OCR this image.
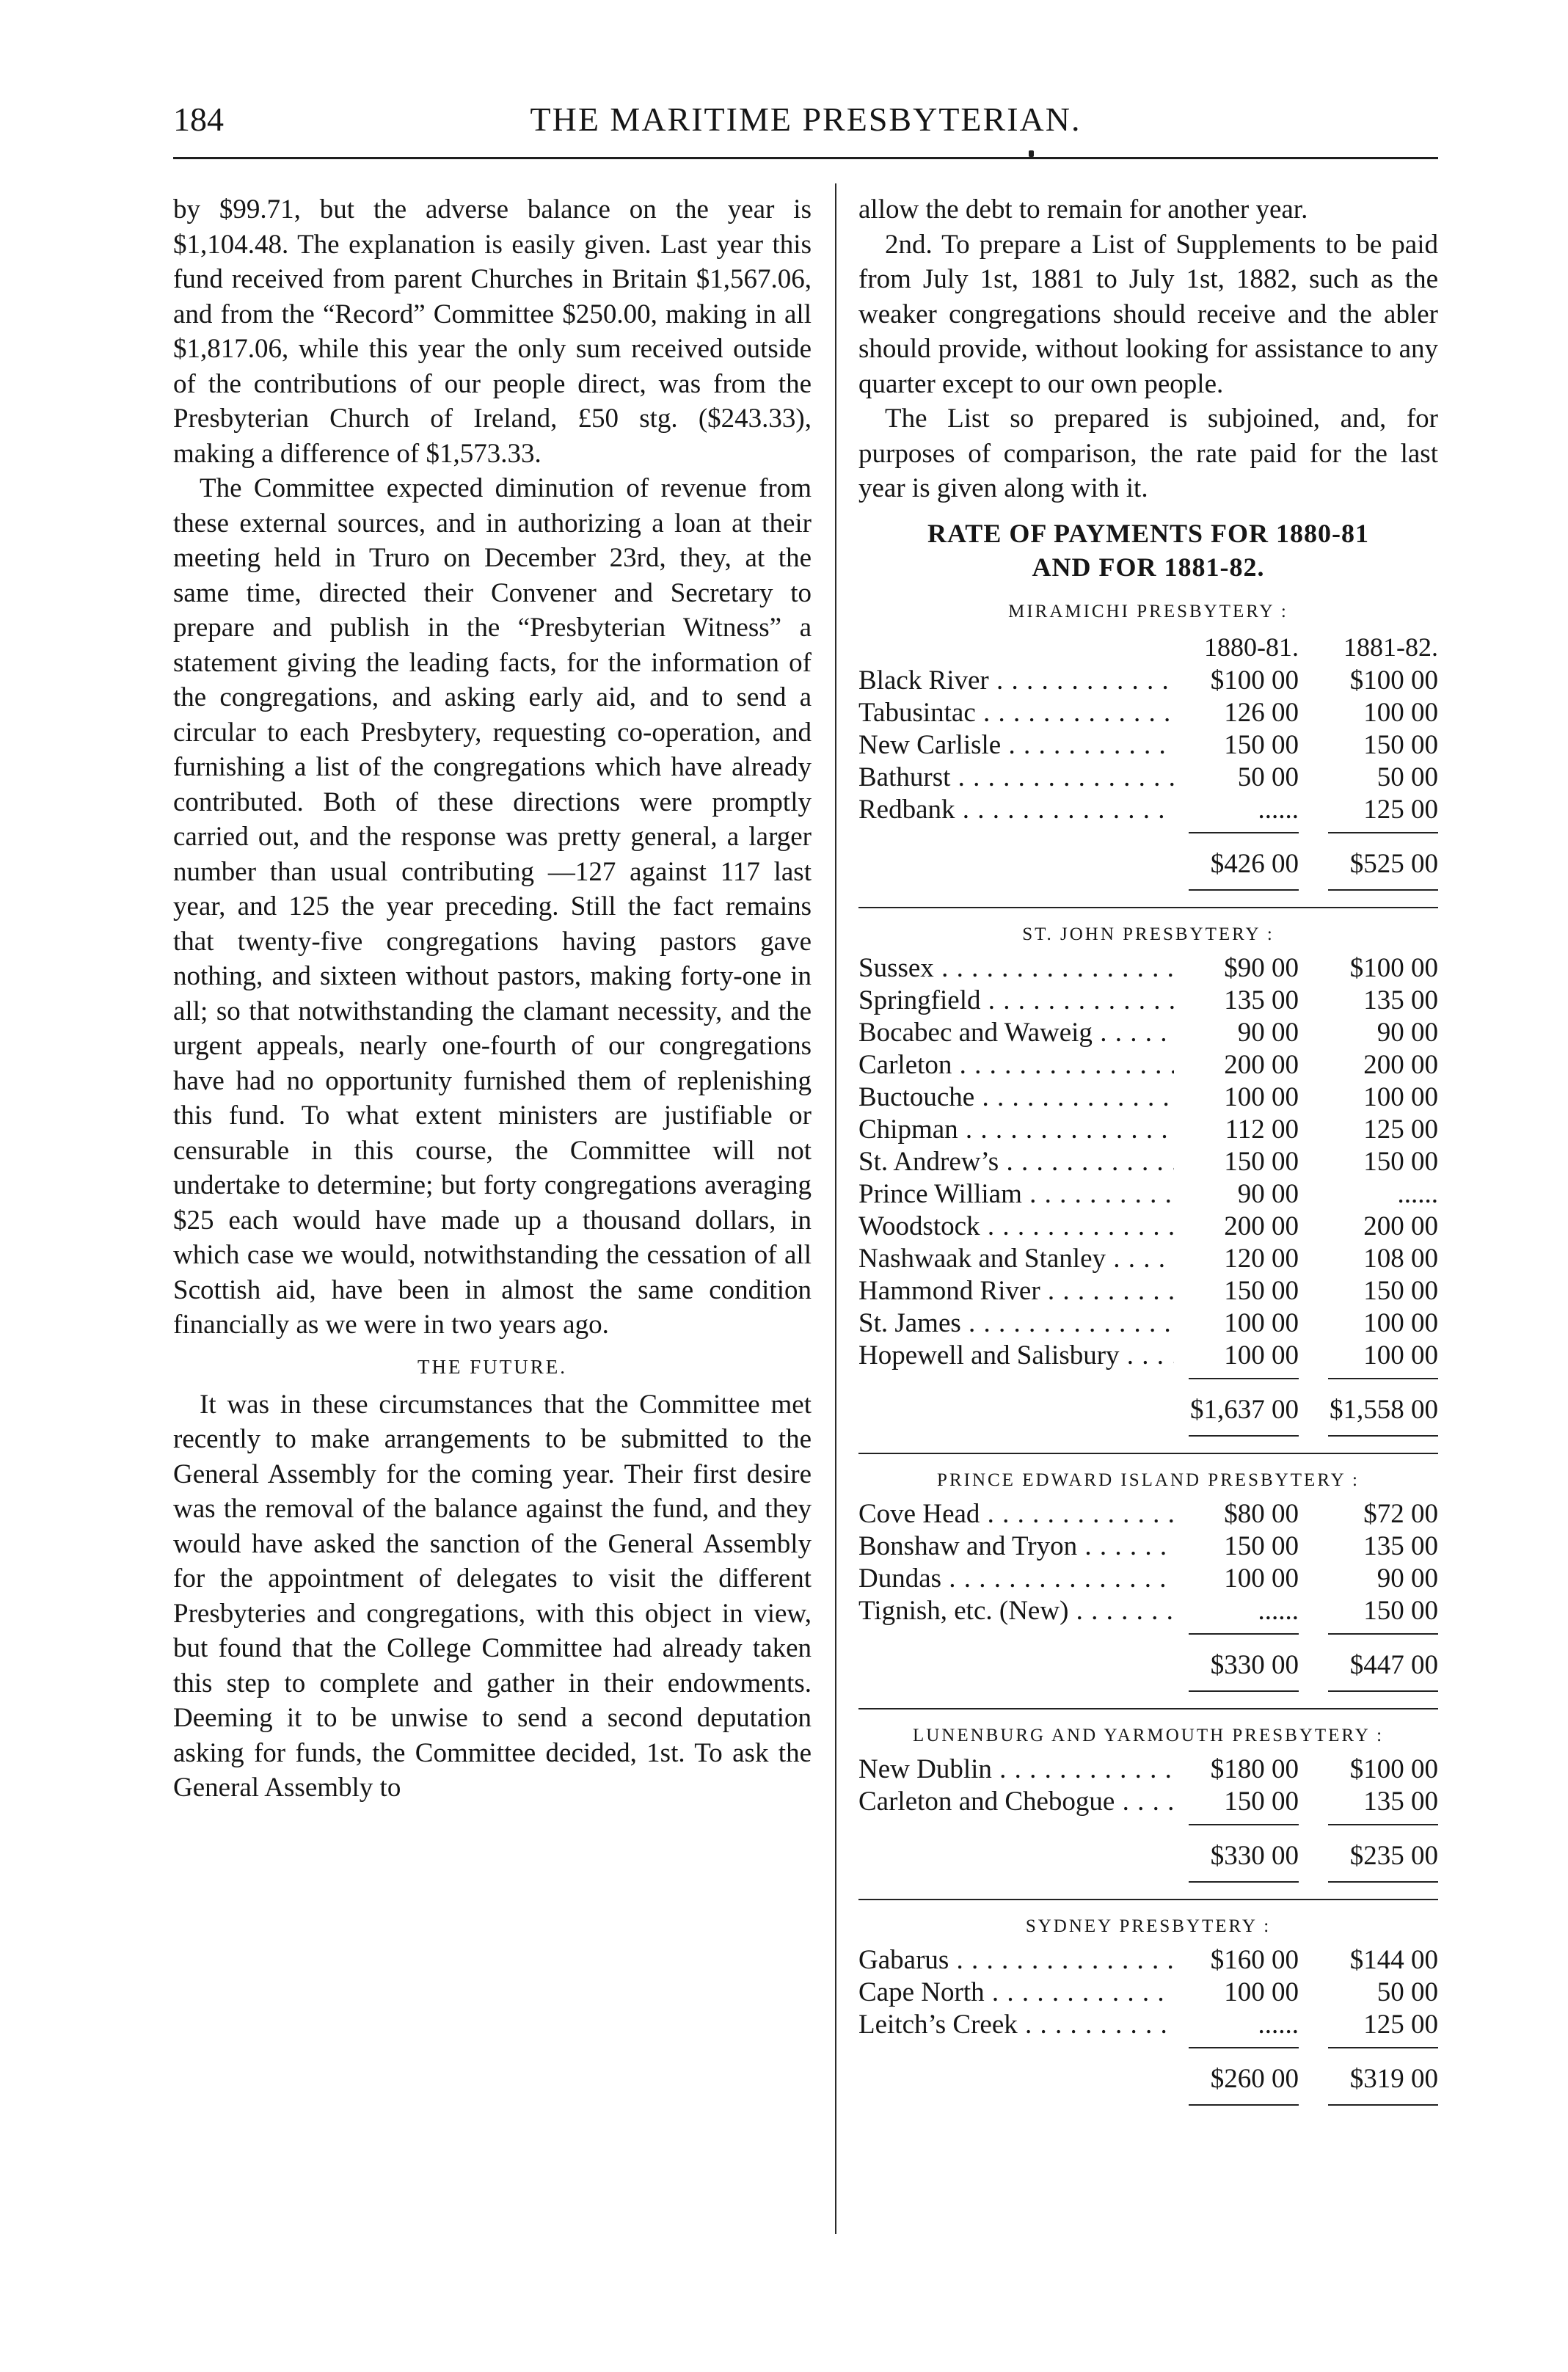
184	THE MARITIME PRESBYTERIAN.

by $99.71, but the adverse balance on the year is $1,104.48. The explanation is easily given. Last year this fund received from parent Churches in Britain $1,567.06, and from the “Record” Committee $250.00, making in all $1,817.06, while this year the only sum received outside of the contributions of our people direct, was from the Presbyterian Church of Ireland, £50 stg. ($243.33), making a difference of $1,573.33.

The Committee expected diminution of revenue from these external sources, and in authorizing a loan at their meeting held in Truro on December 23rd, they, at the same time, directed their Convener and Secretary to prepare and publish in the “Presbyterian Witness” a statement giving the leading facts, for the information of the congregations, and asking early aid, and to send a circular to each Presbytery, requesting co-operation, and furnishing a list of the congregations which have already contributed. Both of these directions were promptly carried out, and the response was pretty general, a larger number than usual contributing —127 against 117 last year, and 125 the year preceding. Still the fact remains that twenty-five congregations having pastors gave nothing, and sixteen without pastors, making forty-one in all; so that notwithstanding the clamant necessity, and the urgent appeals, nearly one-fourth of our congregations have had no opportunity furnished them of replenishing this fund. To what extent ministers are justifiable or censurable in this course, the Committee will not undertake to determine; but forty congregations averaging $25 each would have made up a thousand dollars, in which case we would, notwithstanding the cessation of all Scottish aid, have been in almost the same condition financially as we were in two years ago.

THE FUTURE.

It was in these circumstances that the Committee met recently to make arrangements to be submitted to the General Assembly for the coming year. Their first desire was the removal of the balance against the fund, and they would have asked the sanction of the General Assembly for the appointment of delegates to visit the different Presbyteries and congregations, with this object in view, but found that the College Committee had already taken this step to complete and gather in their endowments. Deeming it to be unwise to send a second deputation asking for funds, the Committee decided, 1st. To ask the General Assembly to

allow the debt to remain for another year.

2nd. To prepare a List of Supplements to be paid from July 1st, 1881 to July 1st, 1882, such as the weaker congregations should receive and the abler should provide, without looking for assistance to any quarter except to our own people.

The List so prepared is subjoined, and, for purposes of comparison, the rate paid for the last year is given along with it.

RATE OF PAYMENTS FOR 1880-81
AND FOR 1881-82.
MIRAMICHI PRESBYTERY :
1880-81.	1881-82.
Black River . . .	$100 00	$100 00
Tabusintac . . .	126 00	100 00
New Carlisle . . .	150 00	150 00
Bathurst . . .	50 00	50 00
Redbank . . .	......	125 00
$426 00	$525 00
ST. JOHN PRESBYTERY :
Sussex . . .	$90 00	$100 00
Springfield . . .	135 00	135 00
Bocabec and Waweig . . .	90 00	90 00
Carleton . . .	200 00	200 00
Buctouche . . .	100 00	100 00
Chipman . . .	112 00	125 00
St. Andrew’s . . .	150 00	150 00
Prince William . . .	90 00	......
Woodstock . . .	200 00	200 00
Nashwaak and Stanley . . .	120 00	108 00
Hammond River . . .	150 00	150 00
St. James . . .	100 00	100 00
Hopewell and Salisbury . . .	100 00	100 00
$1,637 00	$1,558 00
PRINCE EDWARD ISLAND PRESBYTERY :
Cove Head . . .	$80 00	$72 00
Bonshaw and Tryon . . .	150 00	135 00
Dundas . . .	100 00	90 00
Tignish, etc. (New) . . .	......	150 00
$330 00	$447 00
LUNENBURG AND YARMOUTH PRESBYTERY :
New Dublin . . .	$180 00	$100 00
Carleton and Chebogue . . .	150 00	135 00
$330 00	$235 00
SYDNEY PRESBYTERY :
Gabarus . . .	$160 00	$144 00
Cape North . . .	100 00	50 00
Leitch’s Creek . . .	......	125 00
$260 00	$319 00
